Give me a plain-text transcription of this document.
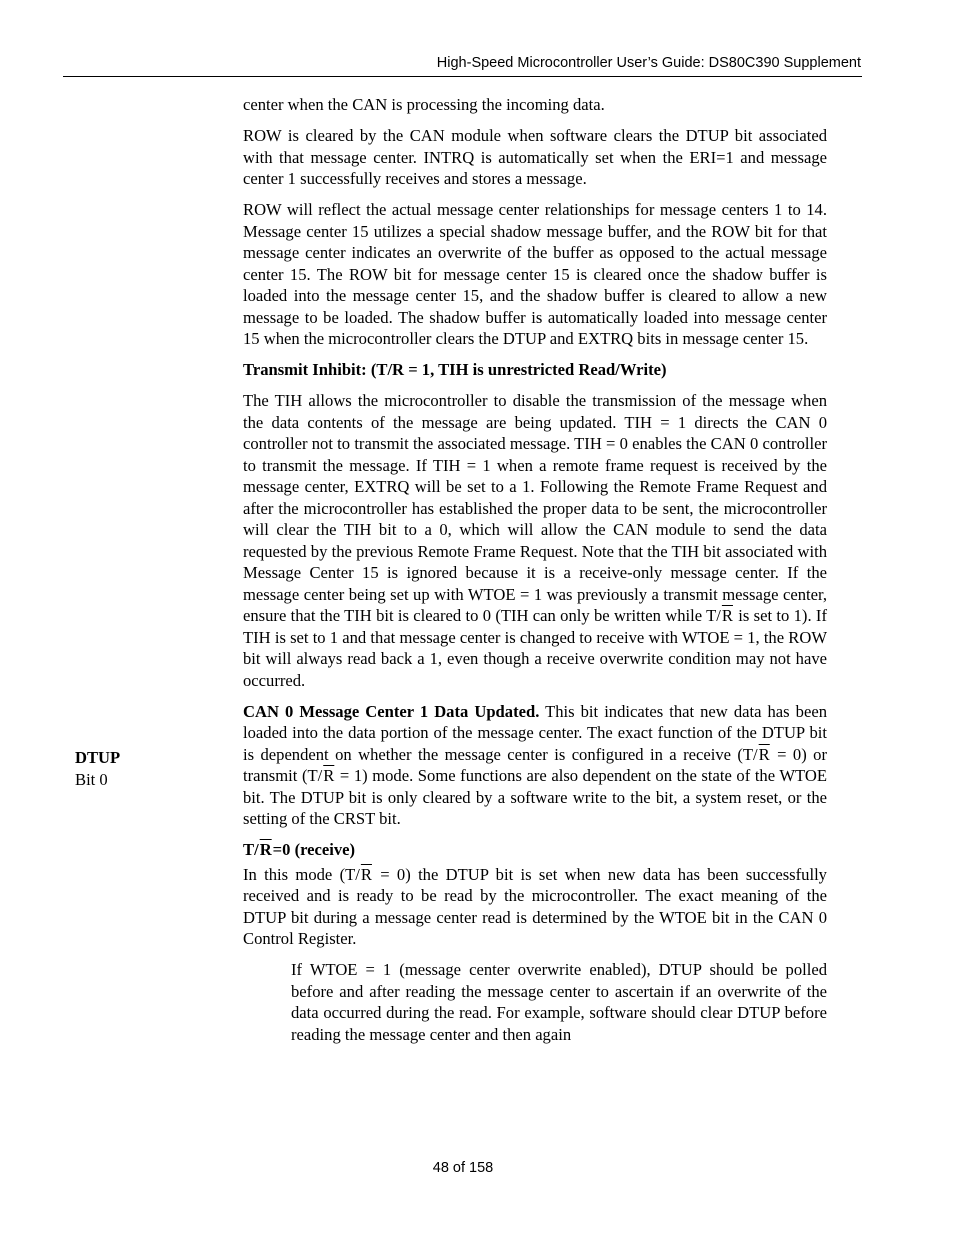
High-Speed Microcontroller User’s Guide: DS80C390 Supplement
DTUP
Bit 0

center when the CAN is processing the incoming data.

ROW is cleared by the CAN module when software clears the DTUP bit associated with that message center. INTRQ is automatically set when the ERI=1 and message center 1 successfully receives and stores a message.

ROW will reflect the actual message center relationships for message centers 1 to 14. Message center 15 utilizes a special shadow message buffer, and the ROW bit for that message center indicates an overwrite of the buffer as opposed to the actual message center 15. The ROW bit for message center 15 is cleared once the shadow buffer is loaded into the message center 15, and the shadow buffer is cleared to allow a new message to be loaded. The shadow buffer is automatically loaded into message center 15 when the microcontroller clears the DTUP and EXTRQ bits in message center 15.

Transmit Inhibit: (T/R = 1, TIH is unrestricted Read/Write)

The TIH allows the microcontroller to disable the transmission of the message when the data contents of the message are being updated. TIH = 1 directs the CAN 0 controller not to transmit the associated message. TIH = 0 enables the CAN 0 controller to transmit the message. If TIH = 1 when a remote frame request is received by the message center, EXTRQ will be set to a 1. Following the Remote Frame Request and after the microcontroller has established the proper data to be sent, the microcontroller will clear the TIH bit to a 0, which will allow the CAN module to send the data requested by the previous Remote Frame Request. Note that the TIH bit associated with Message Center 15 is ignored because it is a receive-only message center. If the message center being set up with WTOE = 1 was previously a transmit message center, ensure that the TIH bit is cleared to 0 (TIH can only be written while $T/\overline{R}$ is set to 1). If TIH is set to 1 and that message center is changed to receive with WTOE = 1, the ROW bit will always read back a 1, even though a receive overwrite condition may not have occurred.

CAN 0 Message Center 1 Data Updated. This bit indicates that new data has been loaded into the data portion of the message center. The exact function of the DTUP bit is dependent on whether the message center is configured in a receive $(T/\overline{R} = 0)$ or transmit $(T/\overline{R} = 1)$ mode. Some functions are also dependent on the state of the WTOE bit. The DTUP bit is only cleared by a software write to the bit, a system reset, or the setting of the CRST bit.

$T/\overline{R}=0$ (receive)

In this mode $(T/\overline{R} = 0)$ the DTUP bit is set when new data has been successfully received and is ready to be read by the microcontroller. The exact meaning of the DTUP bit during a message center read is determined by the WTOE bit in the CAN 0 Control Register.

If WTOE = 1 (message center overwrite enabled), DTUP should be polled before and after reading the message center to ascertain if an overwrite of the data occurred during the read. For example, software should clear DTUP before reading the message center and then again

48 of 158
